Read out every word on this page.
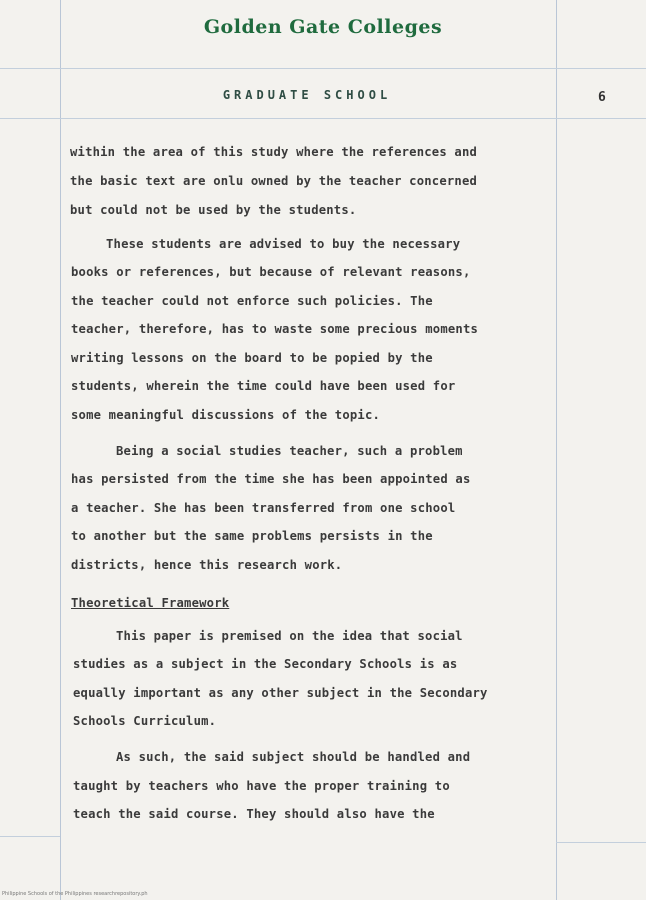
Golden Gate Colleges
GRADUATE SCHOOL	6
within the area of this study where the references and
the basic text are onlu owned by the teacher concerned
but could not be used by the students.
These students are advised to buy the necessary
books or references, but because of relevant reasons,
the teacher could not enforce such policies. The
teacher, therefore, has to waste some precious moments
writing lessons on the board to be popied by the
students, wherein the time could have been used for
some meaningful discussions of the topic.
Being a social studies teacher, such a problem
has persisted from the time she has been appointed as
a teacher. She has been transferred from one school
to another but the same problems persists in the
districts, hence this research work.
Theoretical Framework
This paper is premised on the idea that social
studies as a subject in the Secondary Schools is as
equally important as any other subject in the Secondary
Schools Curriculum.
As such, the said subject should be handled and
taught by teachers who have the proper training to
teach the said course. They should also have the
Philippine Schools of the Philippines researchrepository.ph
